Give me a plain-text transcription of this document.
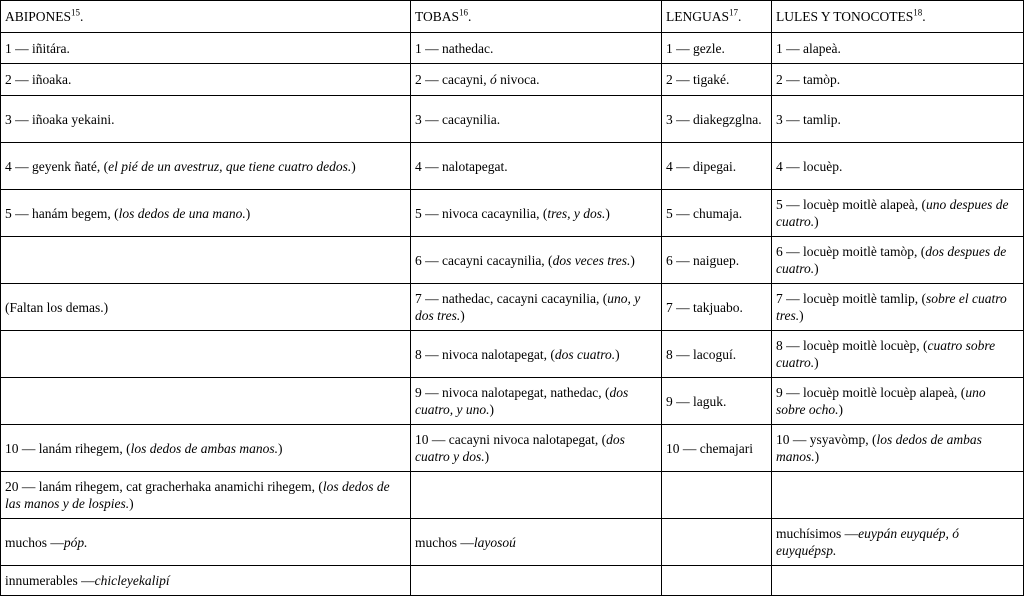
ABIPONES$^{15}$.	TOBAS$^{16}$.	LENGUAS$^{17}$.	LULES Y TONOCOTES$^{18}$.
1 — iñitára.	1 — nathedac.	1 — gezle.	1 — alapeà.
2 — iñoaka.	2 — cacayni, ó nivoca.	2 — tigaké.	2 — tamòp.
3 — iñoaka yekaini.	3 — cacaynilia.	3 — diakegzglna.	3 — tamlip.
4 — geyenk ñaté, (el pié de un avestruz, que tiene cuatro dedos.)	4 — nalotapegat.	4 — dipegai.	4 — locuèp.
5 — hanám begem, (los dedos de una mano.)	5 — nivoca cacaynilia, (tres, y dos.)	5 — chumaja.	5 — locuèp moitlè alapeà, (uno despues de cuatro.)
	6 — cacayni cacaynilia, (dos veces tres.)	6 — naiguep.	6 — locuèp moitlè tamòp, (dos despues de cuatro.)
(Faltan los demas.)	7 — nathedac, cacayni cacaynilia, (uno, y dos tres.)	7 — takjuabo.	7 — locuèp moitlè tamlip, (sobre el cuatro tres.)
	8 — nivoca nalotapegat, (dos cuatro.)	8 — lacoguí.	8 — locuèp moitlè locuèp, (cuatro sobre cuatro.)
	9 — nivoca nalotapegat, nathedac, (dos cuatro, y uno.)	9 — laguk.	9 — locuèp moitlè locuèp alapeà, (uno sobre ocho.)
10 — lanám rihegem, (los dedos de ambas manos.)	10 — cacayni nivoca nalotapegat, (dos cuatro y dos.)	10 — chemajari	10 — ysyavòmp, (los dedos de ambas manos.)
20 — lanám rihegem, cat gracherhaka anamichi rihegem, (los dedos de las manos y de lospies.)			
muchos —póp.	muchos —layosoú		muchísimos —euypán euyquép, ó euyquépsp.
innumerables —chicleyekalipí			
